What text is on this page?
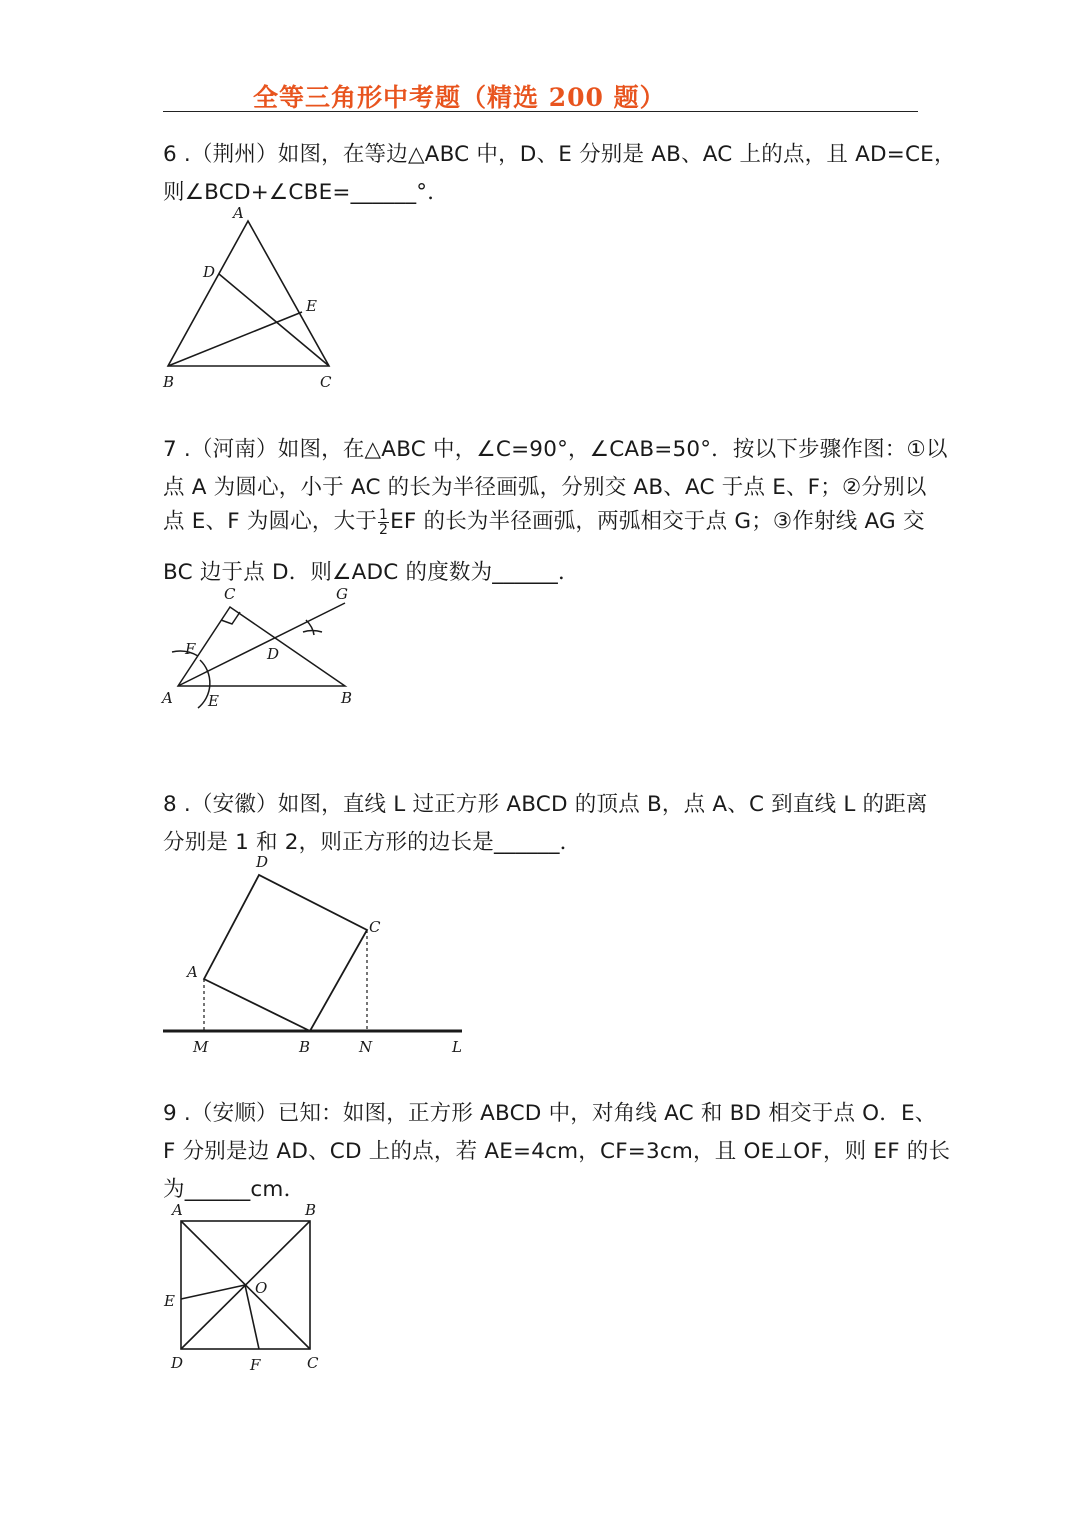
全等三角形中考题（精选 200 题）
6 .（荆州）如图，在等边△ABC 中，D、E 分别是 AB、AC 上的点，且 AD=CE，
则∠BCD+∠CBE=______°．
A
D
E
B	C
7 .（河南）如图，在△ABC 中，∠C=90°，∠CAB=50°．按以下步骤作图：①以
点 A 为圆心，小于 AC 的长为半径画弧，分别交 AB、AC 于点 E、F；②分别以
点 E、F 为圆心，大于 $\frac{1}{2}$ EF 的长为半径画弧，两弧相交于点 G；③作射线 AG 交
BC 边于点 D．则∠ADC 的度数为______．
C	G
F	D
A E	B
8 .（安徽）如图，直线 L 过正方形 ABCD 的顶点 B，点 A、C 到直线 L 的距离
分别是 1 和 2，则正方形的边长是______．
D
C
A
M	B	N	L
9 .（安顺）已知：如图，正方形 ABCD 中，对角线 AC 和 BD 相交于点 O．E、
F 分别是边 AD、CD 上的点，若 AE=4cm，CF=3cm，且 OE⊥OF，则 EF 的长
为______cm．
A	B
O
E
D	F	C
